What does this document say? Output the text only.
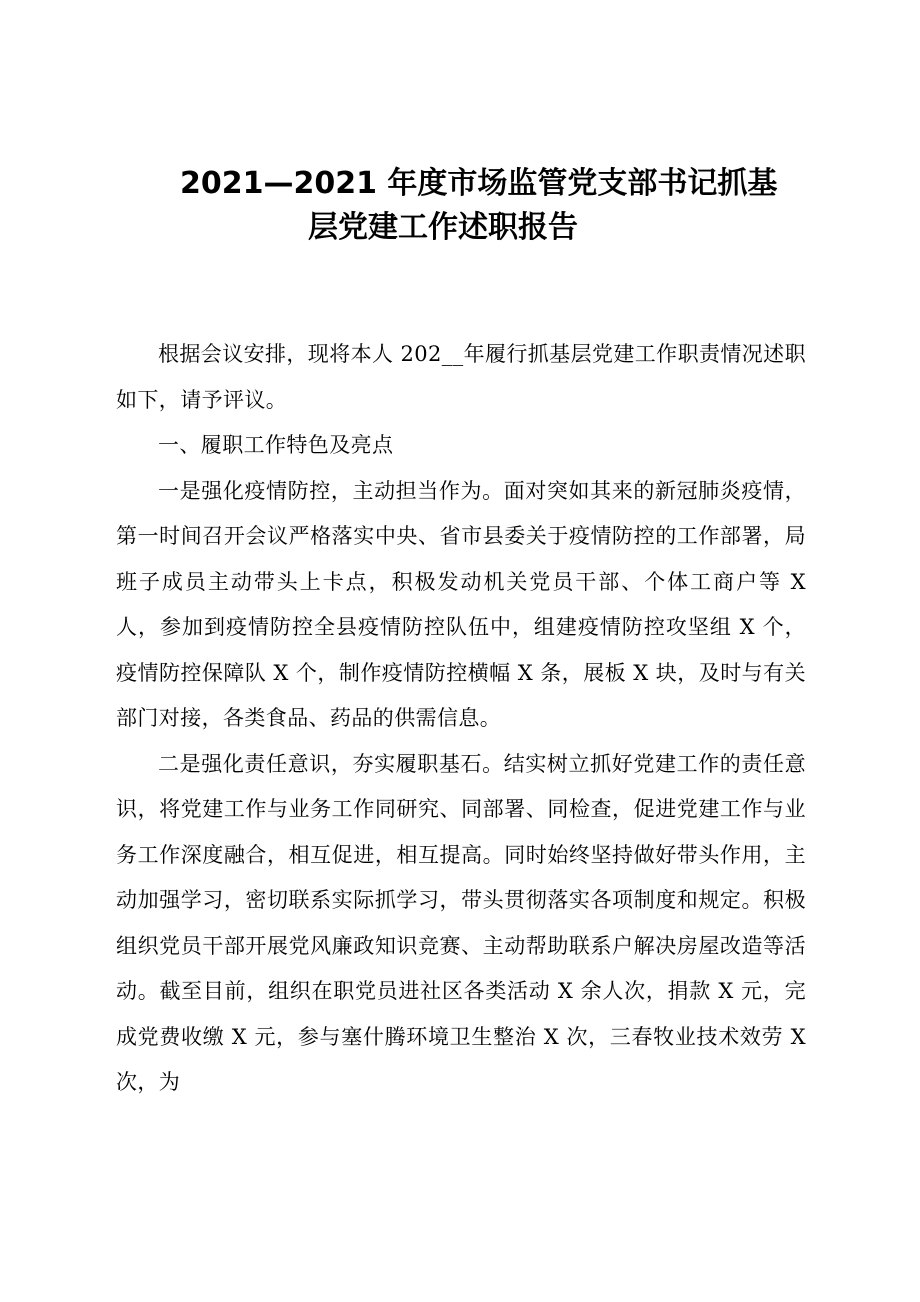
2021—2021 年度市场监管党支部书记抓基
层党建工作述职报告

根据会议安排，现将本人 202__年履行抓基层党建工作职责情况述职如下，请予评议。

一、履职工作特色及亮点

一是强化疫情防控，主动担当作为。面对突如其来的新冠肺炎疫情，第一时间召开会议严格落实中央、省市县委关于疫情防控的工作部署，局班子成员主动带头上卡点，积极发动机关党员干部、个体工商户等 X 人，参加到疫情防控全县疫情防控队伍中，组建疫情防控攻坚组 X 个，疫情防控保障队 X 个，制作疫情防控横幅 X 条，展板 X 块，及时与有关部门对接，各类食品、药品的供需信息。

二是强化责任意识，夯实履职基石。结实树立抓好党建工作的责任意识，将党建工作与业务工作同研究、同部署、同检查，促进党建工作与业务工作深度融合，相互促进，相互提高。同时始终坚持做好带头作用，主动加强学习，密切联系实际抓学习，带头贯彻落实各项制度和规定。积极组织党员干部开展党风廉政知识竞赛、主动帮助联系户解决房屋改造等活动。截至目前，组织在职党员进社区各类活动 X 余人次，捐款 X 元，完成党费收缴 X 元，参与塞什腾环境卫生整治 X 次，三春牧业技术效劳 X 次，为
